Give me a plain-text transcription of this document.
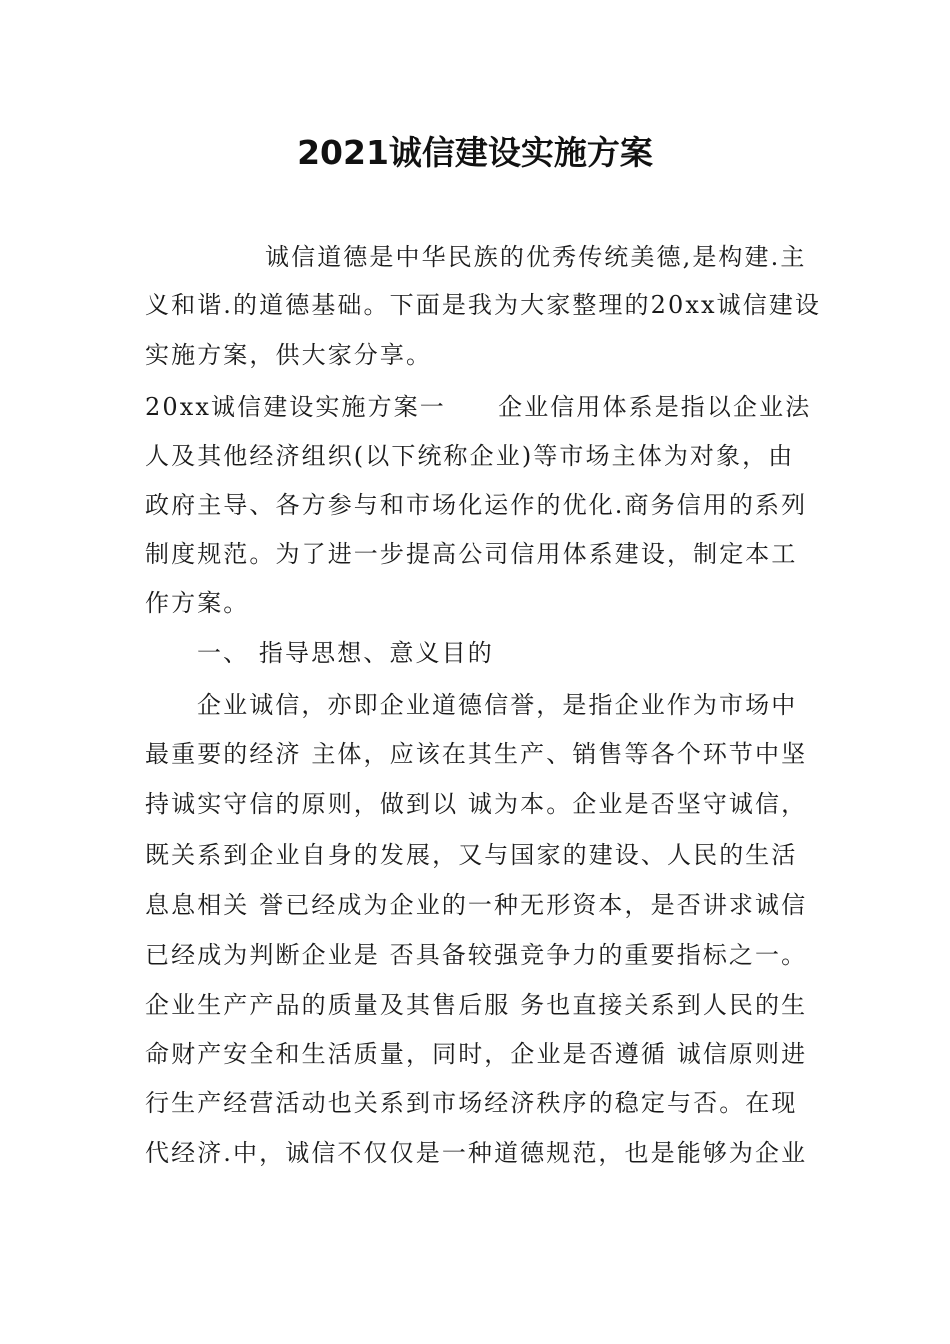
2021诚信建设实施方案
诚信道德是中华民族的优秀传统美德,是构建.主
义和谐.的道德基础。下面是我为大家整理的20xx诚信建设
实施方案，供大家分享。
20xx诚信建设实施方案一　　企业信用体系是指以企业法
人及其他经济组织(以下统称企业)等市场主体为对象，由
政府主导、各方参与和市场化运作的优化.商务信用的系列
制度规范。为了进一步提高公司信用体系建设，制定本工
作方案。
一、 指导思想、意义目的
企业诚信，亦即企业道德信誉，是指企业作为市场中
最重要的经济 主体，应该在其生产、销售等各个环节中坚
持诚实守信的原则，做到以 诚为本。企业是否坚守诚信，
既关系到企业自身的发展，又与国家的建设、人民的生活
息息相关 誉已经成为企业的一种无形资本，是否讲求诚信
已经成为判断企业是 否具备较强竞争力的重要指标之一。
企业生产产品的质量及其售后服 务也直接关系到人民的生
命财产安全和生活质量，同时，企业是否遵循 诚信原则进
行生产经营活动也关系到市场经济秩序的稳定与否。在现
代经济.中，诚信不仅仅是一种道德规范，也是能够为企业
